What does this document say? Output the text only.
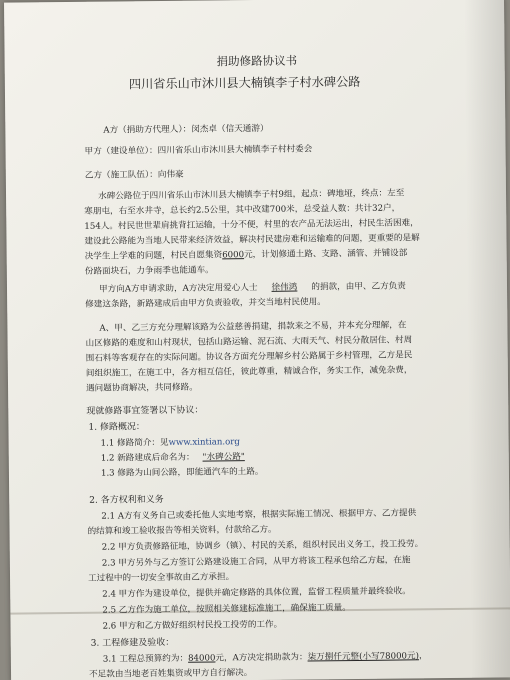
捐助修路协议书
四川省乐山市沐川县大楠镇李子村水碑公路
A方（捐助方代理人）：闵杰卓（信天通游）
甲方（建设单位）：四川省乐山市沐川县大楠镇李子村村委会
乙方（施工队伍）：向伟豪
水碑公路位于四川省乐山市沐川县大楠镇李子村9组，起点：碑地垭，终点：左至
寒朋屯，右至水井寺，总长约2.5公里，其中改建700米，总受益人数：共计32户，
154人。村民世世辈肩挑背扛运输，十分不便，村里的农产品无法运出，村民生活困难，
建设此公路能为当地人民带来经济效益，解决村民建房难和运输难的问题，更重要的是解
决学生上学难的问题，村民自愿集资6000元，计划修通土路、支路、涵管、并铺设部
份路面块石，力争雨季也能通车。
甲方向A方申请求助，A方决定用爱心人士 徐伟鸿 的捐款，由甲、乙方负责
修建这条路，新路建成后由甲方负责验收，并交当地村民使用。
A、甲、乙三方充分理解该路为公益慈善捐建，捐款来之不易，并本充分理解，在
山区修路的难度和山村现状，包括山路运输、泥石流、大雨天气、村民分散居住、村周
围石料等客观存在的实际问题。协议各方面充分理解乡村公路属于乡村管理，乙方是民
间组织施工，在施工中，各方相互信任，彼此尊重，精诚合作，务实工作，减免杂费，
遇问题协商解决，共同修路。
现就修路事宜签署以下协议：
1. 修路概况：
1.1 修路简介：见www.xintian.org
1.2 新路建成后命名为： "水碑公路"
1.3 修路为山间公路，即能通汽车的土路。
2. 各方权利和义务
2.1 A方有义务自己或委托他人实地考察，根据实际施工情况、根据甲方、乙方提供
的结算和竣工验收报告等相关资料，付款给乙方。
2.2 甲方负责修路征地，协调乡（镇）、村民的关系，组织村民出义务工，投工投劳。
2.3 甲方另外与乙方签订公路建设施工合同，从甲方将该工程承包给乙方起，在施
工过程中的一切安全事故由乙方承担。
2.4 甲方作为建设单位，提供并确定修路的具体位置，监督工程质量并最终验收。
2.5 乙方作为施工单位，按照相关修建标准施工，确保施工质量。
2.6 甲方和乙方做好组织村民投工投劳的工作。
3. 工程修建及验收：
3.1 工程总预算约为：84000元，A方决定捐助款为：柒万捌仟元整(小写78000元)，
不足款由当地老百姓集资或甲方自行解决。
